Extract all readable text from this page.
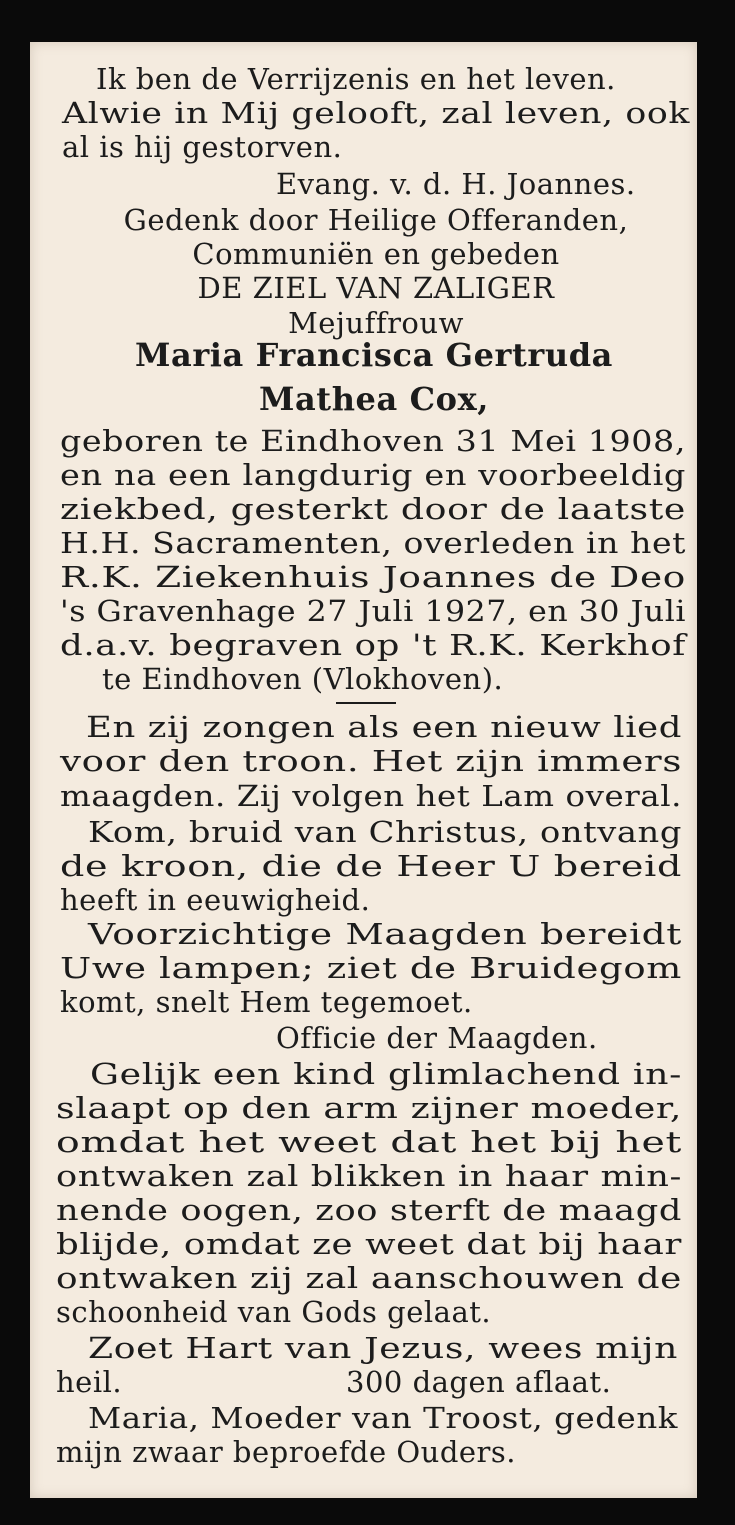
Ik ben de Verrijzenis en het leven.
Alwie in Mij gelooft, zal leven, ook
al is hij gestorven.
Evang. v. d. H. Joannes.
Gedenk door Heilige Offeranden,
Communiën en gebeden
DE ZIEL VAN ZALIGER
Mejuffrouw
Maria Francisca Gertruda
Mathea Cox,
geboren te Eindhoven 31 Mei 1908,
en na een langdurig en voorbeeldig
ziekbed, gesterkt door de laatste
H.H. Sacramenten, overleden in het
R.K. Ziekenhuis Joannes de Deo
's Gravenhage 27 Juli 1927, en 30 Juli
d.a.v. begraven op 't R.K. Kerkhof
te Eindhoven (Vlokhoven).
En zij zongen als een nieuw lied
voor den troon. Het zijn immers
maagden. Zij volgen het Lam overal.
Kom, bruid van Christus, ontvang
de kroon, die de Heer U bereid
heeft in eeuwigheid.
Voorzichtige Maagden bereidt
Uwe lampen; ziet de Bruidegom
komt, snelt Hem tegemoet.
Officie der Maagden.
Gelijk een kind glimlachend in-
slaapt op den arm zijner moeder,
omdat het weet dat het bij het
ontwaken zal blikken in haar min-
nende oogen, zoo sterft de maagd
blijde, omdat ze weet dat bij haar
ontwaken zij zal aanschouwen de
schoonheid van Gods gelaat.
Zoet Hart van Jezus, wees mijn
heil.	300 dagen aflaat.
Maria, Moeder van Troost, gedenk
mijn zwaar beproefde Ouders.
